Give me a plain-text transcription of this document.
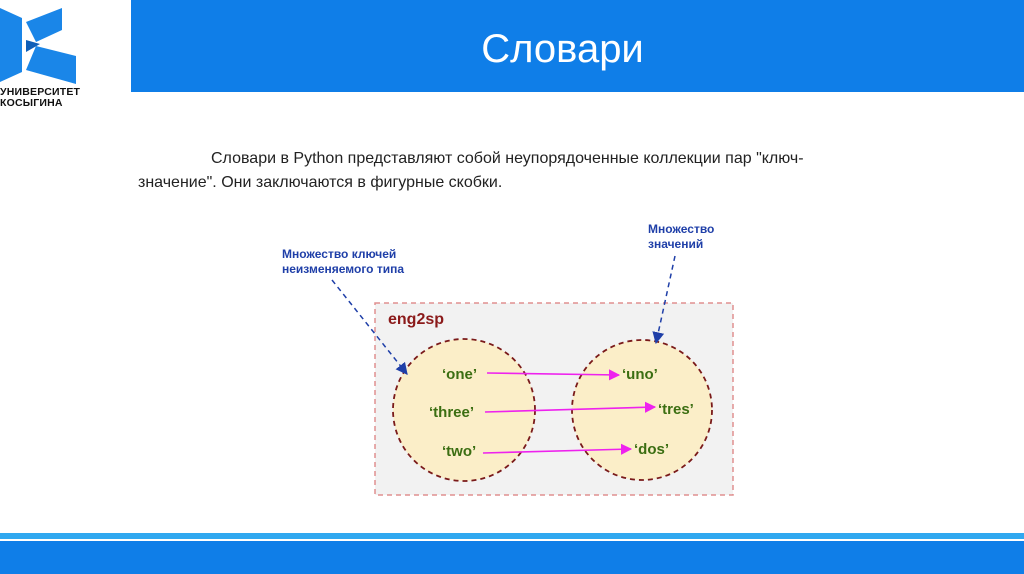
УНИВЕРСИТЕТ
КОСЫГИНА
Словари
Словари в Python представляют собой неупорядоченные коллекции пар "ключ-
значение". Они заключаются в фигурные скобки.
eng2sp
‘one’
‘three’
‘two’
‘uno’
‘tres’
‘dos’
Множество ключей
неизменяемого типа
Множество
значений
